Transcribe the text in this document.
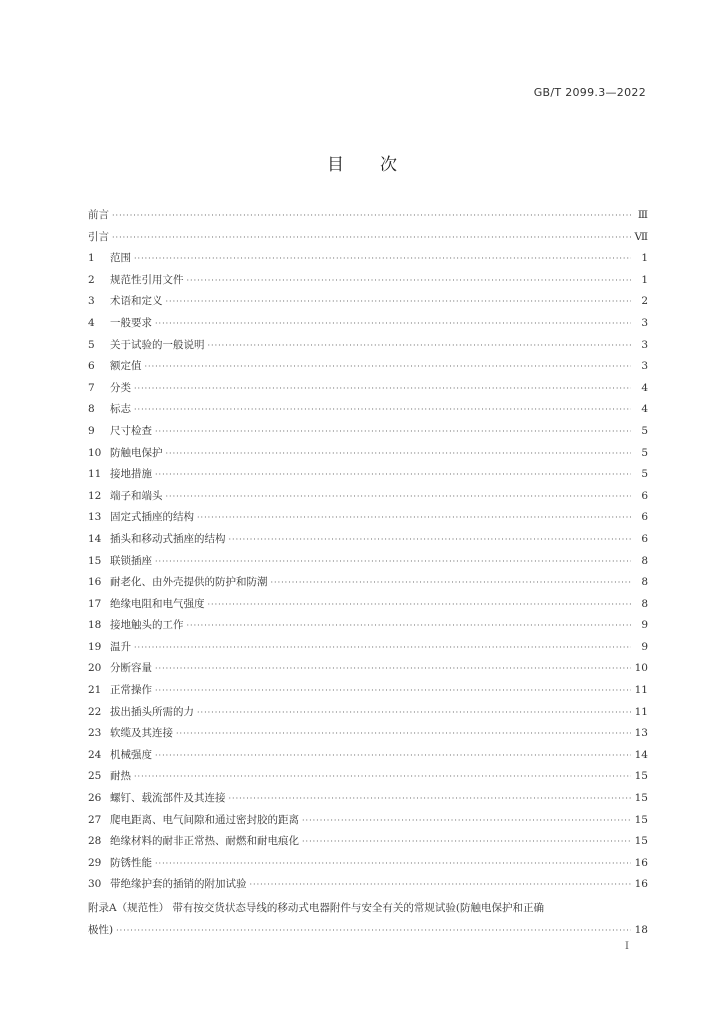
GB/T 2099.3—2022
目次
前言 ·····	Ⅲ
引言 ·····	Ⅶ
1	范围 ·····	1
2	规范性引用文件 ·····	1
3	术语和定义 ·····	2
4	一般要求 ·····	3
5	关于试验的一般说明 ·····	3
6	额定值 ·····	3
7	分类 ·····	4
8	标志 ·····	4
9	尺寸检查 ·····	5
10 防触电保护 ·····	5
11 接地措施 ·····	5
12 端子和端头 ·····	6
13 固定式插座的结构 ·····	6
14 插头和移动式插座的结构 ·····	6
15 联锁插座 ·····	8
16 耐老化、由外壳提供的防护和防潮 ·····	8
17 绝缘电阻和电气强度 ·····	8
18 接地触头的工作 ·····	9
19 温升 ·····	9
20 分断容量 ·····	10
21 正常操作 ·····	11
22 拔出插头所需的力 ·····	11
23 软缆及其连接 ·····	13
24 机械强度 ·····	14
25 耐热 ·····	15
26 螺钉、载流部件及其连接 ·····	15
27 爬电距离、电气间隙和通过密封胶的距离 ·····	15
28 绝缘材料的耐非正常热、耐燃和耐电痕化 ·····	15
29 防锈性能 ·····	16
30 带绝缘护套的插销的附加试验 ·····	16
附录A（规范性） 带有按交货状态导线的移动式电器附件与安全有关的常规试验(防触电保护和正确
极性) ·····	18
I
